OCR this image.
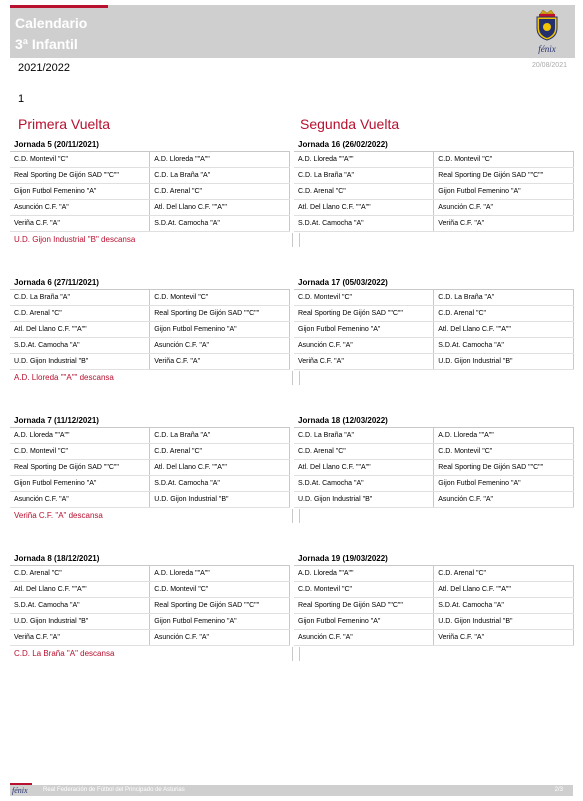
Calendario
3ª Infantil	fénix
2021/2022	20/08/2021
1
Primera Vuelta	Segunda Vuelta
Jornada 5 (20/11/2021)
C.D. Montevil "C"	A.D. Lloreda ""A""
Real Sporting De Gijón SAD ""C""	C.D. La Braña "A"
Gijon Futbol Femenino "A"	C.D. Arenal "C"
Asunción C.F. "A"	Atl. Del Llano C.F. ""A""
Veriña C.F. "A"	S.D.At. Camocha "A"
U.D. Gijon Industrial "B" descansa
Jornada 6 (27/11/2021)
C.D. La Braña "A"	C.D. Montevil "C"
C.D. Arenal "C"	Real Sporting De Gijón SAD ""C""
Atl. Del Llano C.F. ""A""	Gijon Futbol Femenino "A"
S.D.At. Camocha "A"	Asunción C.F. "A"
U.D. Gijon Industrial "B"	Veriña C.F. "A"
A.D. Lloreda ""A"" descansa
Jornada 7 (11/12/2021)
A.D. Lloreda ""A""	C.D. La Braña "A"
C.D. Montevil "C"	C.D. Arenal "C"
Real Sporting De Gijón SAD ""C""	Atl. Del Llano C.F. ""A""
Gijon Futbol Femenino "A"	S.D.At. Camocha "A"
Asunción C.F. "A"	U.D. Gijon Industrial "B"
Veriña C.F. "A" descansa
Jornada 8 (18/12/2021)
C.D. Arenal "C"	A.D. Lloreda ""A""
Atl. Del Llano C.F. ""A""	C.D. Montevil "C"
S.D.At. Camocha "A"	Real Sporting De Gijón SAD ""C""
U.D. Gijon Industrial "B"	Gijon Futbol Femenino "A"
Veriña C.F. "A"	Asunción C.F. "A"
C.D. La Braña "A" descansa
Jornada 16 (26/02/2022)
A.D. Lloreda ""A""	C.D. Montevil "C"
C.D. La Braña "A"	Real Sporting De Gijón SAD ""C""
C.D. Arenal "C"	Gijon Futbol Femenino "A"
Atl. Del Llano C.F. ""A""	Asunción C.F. "A"
S.D.At. Camocha "A"	Veriña C.F. "A"
Jornada 17 (05/03/2022)
C.D. Montevil "C"	C.D. La Braña "A"
Real Sporting De Gijón SAD ""C""	C.D. Arenal "C"
Gijon Futbol Femenino "A"	Atl. Del Llano C.F. ""A""
Asunción C.F. "A"	S.D.At. Camocha "A"
Veriña C.F. "A"	U.D. Gijon Industrial "B"
Jornada 18 (12/03/2022)
C.D. La Braña "A"	A.D. Lloreda ""A""
C.D. Arenal "C"	C.D. Montevil "C"
Atl. Del Llano C.F. ""A""	Real Sporting De Gijón SAD ""C""
S.D.At. Camocha "A"	Gijon Futbol Femenino "A"
U.D. Gijon Industrial "B"	Asunción C.F. "A"
Jornada 19 (19/03/2022)
A.D. Lloreda ""A""	C.D. Arenal "C"
C.D. Montevil "C"	Atl. Del Llano C.F. ""A""
Real Sporting De Gijón SAD ""C""	S.D.At. Camocha "A"
Gijon Futbol Femenino "A"	U.D. Gijon Industrial "B"
Asunción C.F. "A"	Veriña C.F. "A"
fénix	Real Federación de Fútbol del Principado de Asturias	2/3
